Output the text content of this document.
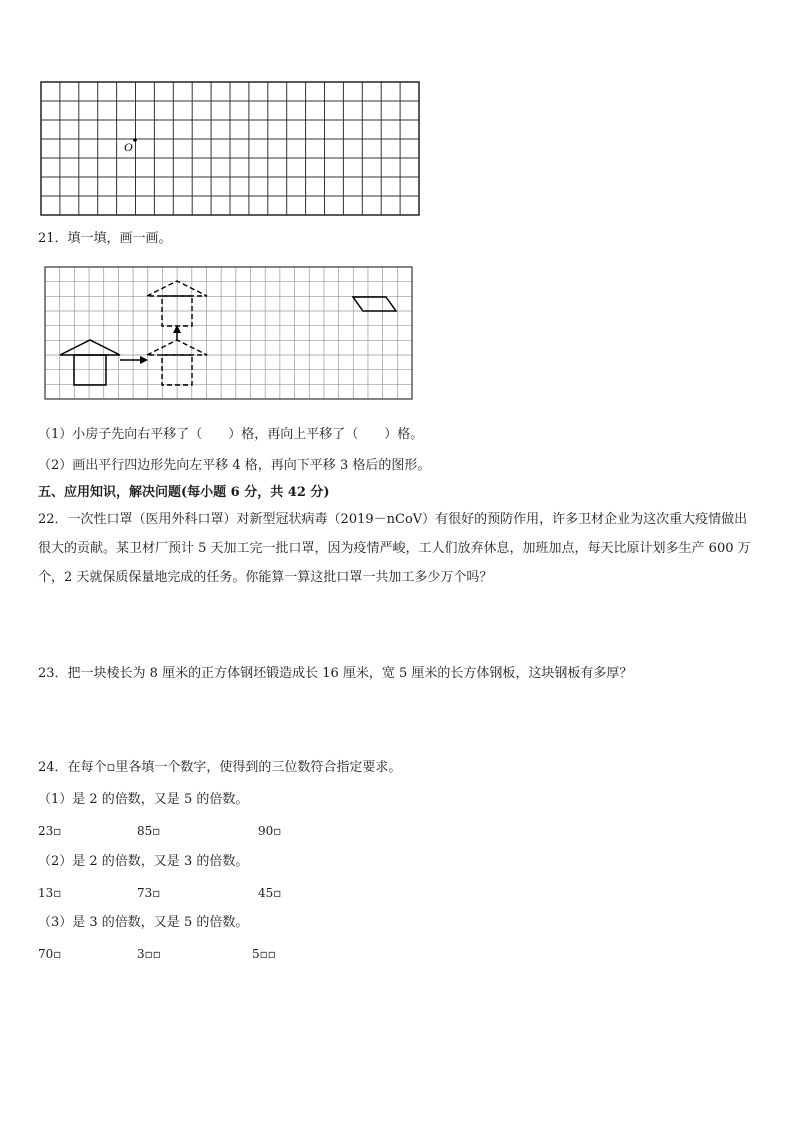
O
21．填一填，画一画。
（1）小房子先向右平移了（　　）格，再向上平移了（　　）格。
（2）画出平行四边形先向左平移 4 格，再向下平移 3 格后的图形。
五、应用知识，解决问题(每小题 6 分，共 42 分)
22．一次性口罩（医用外科口罩）对新型冠状病毒（2019－nCoV）有很好的预防作用，许多卫材企业为这次重大疫情做出很大的贡献。某卫材厂预计 5 天加工完一批口罩，因为疫情严峻，工人们放弃休息，加班加点，每天比原计划多生产 600 万个，2 天就保质保量地完成的任务。你能算一算这批口罩一共加工多少万个吗？
23．把一块棱长为 8 厘米的正方体钢坯锻造成长 16 厘米，宽 5 厘米的长方体钢板，这块钢板有多厚？
24．在每个▫里各填一个数字，使得到的三位数符合指定要求。
（1）是 2 的倍数，又是 5 的倍数。
23▫	85▫	90▫
（2）是 2 的倍数，又是 3 的倍数。
13▫	73▫	45▫
（3）是 3 的倍数，又是 5 的倍数。
70▫	3▫▫	5▫▫
